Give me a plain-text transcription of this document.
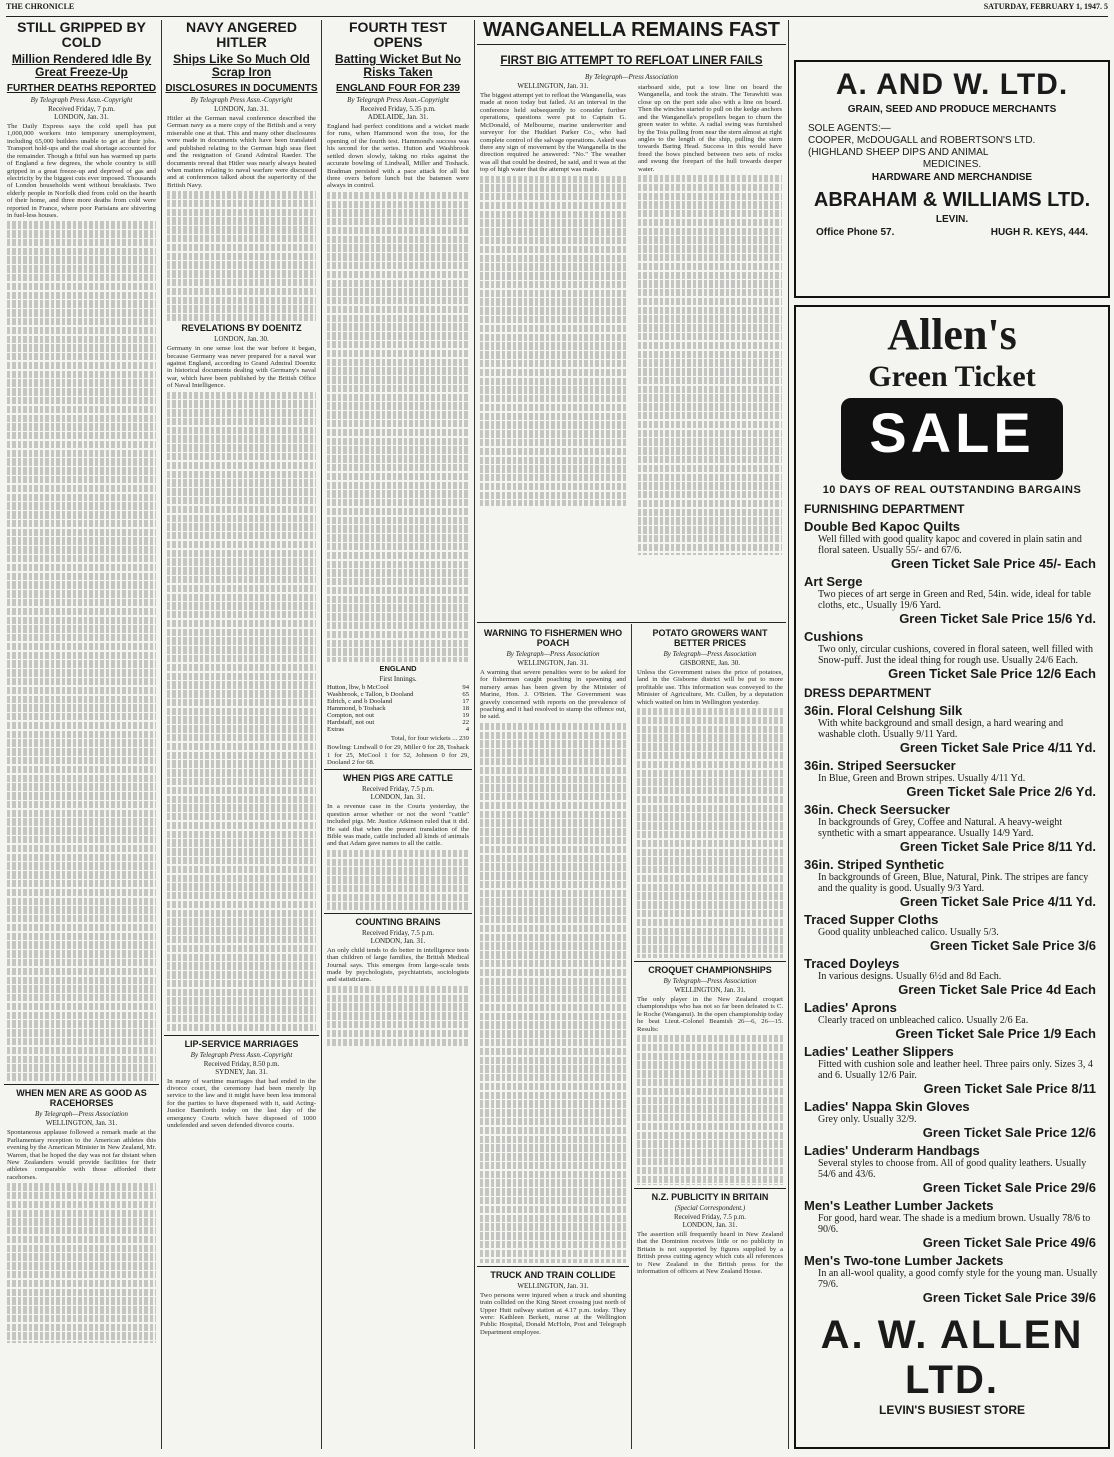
THE CHRONICLE	SATURDAY, FEBRUARY 1, 1947. 5

STILL GRIPPED BY COLD

Million Rendered Idle By Great Freeze-Up

FURTHER DEATHS REPORTED

By Telegraph Press Assn.-Copyright

Received Friday, 7 p.m.

LONDON, Jan. 31.

The Daily Express says the cold spell has put 1,000,000 workers into temporary unemployment, including 65,000 builders unable to get at their jobs. Transport hold-ups and the coal shortage accounted for the remainder. Though a fitful sun has warmed up parts of England a few degrees, the whole country is still gripped in a great freeze-up and deprived of gas and electricity by the biggest cuts ever imposed. Thousands of London households went without breakfasts. Two elderly people in Norfolk died from cold on the hearth of their home, and three more deaths from cold were reported in France, where poor Parisians are shivering in fuel-less houses.

WHEN MEN ARE AS GOOD AS RACEHORSES

By Telegraph—Press Association

WELLINGTON, Jan. 31.

Spontaneous applause followed a remark made at the Parliamentary reception to the American athletes this evening by the American Minister in New Zealand, Mr. Warren, that he hoped the day was not far distant when New Zealanders would provide facilities for their athletes comparable with those afforded their racehorses.

NAVY ANGERED HITLER

Ships Like So Much Old Scrap Iron

DISCLOSURES IN DOCUMENTS

By Telegraph Press Assn.-Copyright

LONDON, Jan. 31.

Hitler at the German naval conference described the German navy as a mere copy of the British and a very miserable one at that. This and many other disclosures were made in documents which have been translated and published relating to the German high seas fleet and the resignation of Grand Admiral Raeder. The documents reveal that Hitler was nearly always heated when matters relating to naval warfare were discussed and at conferences talked about the superiority of the British Navy.

REVELATIONS BY DOENITZ

LONDON, Jan. 30.

Germany in one sense lost the war before it began, because Germany was never prepared for a naval war against England, according to Grand Admiral Doenitz in historical documents dealing with Germany's naval war, which have been published by the British Office of Naval Intelligence.

LIP-SERVICE MARRIAGES

By Telegraph Press Assn.-Copyright

Received Friday, 8.50 p.m.

SYDNEY, Jan. 31.

In many of wartime marriages that had ended in the divorce court, the ceremony had been merely lip service to the law and it might have been less immoral for the parties to have dispensed with it, said Acting-Justice Bamforth today on the last day of the emergency Courts which have disposed of 1000 undefended and seven defended divorce courts.

FOURTH TEST OPENS

Batting Wicket But No Risks Taken

ENGLAND FOUR FOR 239

By Telegraph Press Assn.-Copyright

Received Friday, 5.35 p.m.

ADELAIDE, Jan. 31.

England had perfect conditions and a wicket made for runs, when Hammond won the toss, for the opening of the fourth test. Hammond's success was his second for the series. Hutton and Washbrook settled down slowly, taking no risks against the accurate bowling of Lindwall, Miller and Toshack. Bradman persisted with a pace attack for all but three overs before lunch but the batsmen were always in control.

ENGLAND

First Innings.

Hutton, lbw, b McCool	94
Washbrook, c Tallon, b Dooland	65
Edrich, c and b Dooland	17
Hammond, b Toshack	18
Compton, not out	19
Hardstaff, not out	22
Extras	4

Total, for four wickets ... 239

Bowling: Lindwall 0 for 29, Miller 0 for 28, Toshack 1 for 25, McCool 1 for 52, Johnson 0 for 29, Dooland 2 for 68.

WHEN PIGS ARE CATTLE

Received Friday, 7.5 p.m.

LONDON, Jan. 31.

In a revenue case in the Courts yesterday, the question arose whether or not the word "cattle" included pigs. Mr. Justice Atkinson ruled that it did. He said that when the present translation of the Bible was made, cattle included all kinds of animals and that Adam gave names to all the cattle.

COUNTING BRAINS

Received Friday, 7.5 p.m.

LONDON, Jan. 31.

An only child tends to do better in intelligence tests than children of large families, the British Medical Journal says. This emerges from large-scale tests made by psychologists, psychiatrists, sociologists and statisticians.

WANGANELLA REMAINS FAST

FIRST BIG ATTEMPT TO REFLOAT LINER FAILS

By Telegraph—Press Association

WELLINGTON, Jan. 31.

The biggest attempt yet to refloat the Wanganella, was made at noon today but failed. At an interval in the conference held subsequently to consider further operations, questions were put to Captain G. McDonald, of Melbourne, marine underwriter and surveyor for the Huddart Parker Co., who had complete control of the salvage operations. Asked was there any sign of movement by the Wanganella in the direction required he answered: "No." The weather was all that could be desired, he said, and it was at the top of high water that the attempt was made.

starboard side, put a tow line on board the Wanganella, and took the strain. The Terawhiti was close up on the port side also with a line on board. Then the winches started to pull on the kedge anchors and the Wanganella's propellers began to churn the green water to white. A radial swing was furnished by the Toia pulling from near the stern almost at right angles to the length of the ship, pulling the stern towards Baring Head. Success in this would have freed the bows pinched between two sets of rocks and swung the forepart of the hull towards deeper water.

WARNING TO FISHERMEN WHO POACH

By Telegraph—Press Association

WELLINGTON, Jan. 31.

A warning that severe penalties were to be asked for for fishermen caught poaching in spawning and nursery areas has been given by the Minister of Marine, Hon. J. O'Brien. The Government was gravely concerned with reports on the prevalence of poaching and it had resolved to stamp the offence out, he said.

TRUCK AND TRAIN COLLIDE

WELLINGTON, Jan. 31.

Two persons were injured when a truck and shunting train collided on the King Street crossing just north of Upper Hutt railway station at 4.17 p.m. today. They were: Kathleen Berkett, nurse at the Wellington Public Hospital, Donald McHoln, Post and Telegraph Department employee.

POTATO GROWERS WANT BETTER PRICES

By Telegraph—Press Association

GISBORNE, Jan. 30.

Unless the Government raises the price of potatoes, land in the Gisborne district will be put to more profitable use. This information was conveyed to the Minister of Agriculture, Mr. Cullen, by a deputation which waited on him in Wellington yesterday.

CROQUET CHAMPIONSHIPS

By Telegraph—Press Association

WELLINGTON, Jan. 31.

The only player in the New Zealand croquet championships who has not so far been defeated is C. le Roche (Wanganui). In the open championship today he beat Lieut.-Colonel Beamish 26—6, 26—15. Results:

N.Z. PUBLICITY IN BRITAIN

(Special Correspondent.)

Received Friday, 7.5 p.m.

LONDON, Jan. 31.

The assertion still frequently heard in New Zealand that the Dominion receives little or no publicity in Britain is not supported by figures supplied by a British press cutting agency which cuts all references to New Zealand in the British press for the information of officers at New Zealand House.

A. AND W. LTD.

GRAIN, SEED AND PRODUCE MERCHANTS

SOLE AGENTS:—

COOPER, McDOUGALL and ROBERTSON'S LTD.

(HIGHLAND SHEEP DIPS AND ANIMAL

MEDICINES.

HARDWARE AND MERCHANDISE

ABRAHAM & WILLIAMS LTD.

LEVIN.

Office Phone 57.	HUGH R. KEYS, 444.

Allen's

Green Ticket

SALE

10 DAYS OF REAL OUTSTANDING BARGAINS

FURNISHING DEPARTMENT

Double Bed Kapoc Quilts

Well filled with good quality kapoc and covered in plain satin and floral sateen. Usually 55/- and 67/6.

Green Ticket Sale Price 45/- Each

Art Serge

Two pieces of art serge in Green and Red, 54in. wide, ideal for table cloths, etc., Usually 19/6 Yard.

Green Ticket Sale Price 15/6 Yd.

Cushions

Two only, circular cushions, covered in floral sateen, well filled with Snow-puff. Just the ideal thing for rough use. Usually 24/6 Each.

Green Ticket Sale Price 12/6 Each

DRESS DEPARTMENT

36in. Floral Celshung Silk

With white background and small design, a hard wearing and washable cloth. Usually 9/11 Yard.

Green Ticket Sale Price 4/11 Yd.

36in. Striped Seersucker

In Blue, Green and Brown stripes. Usually 4/11 Yd.

Green Ticket Sale Price 2/6 Yd.

36in. Check Seersucker

In backgrounds of Grey, Coffee and Natural. A heavy-weight synthetic with a smart appearance. Usually 14/9 Yard.

Green Ticket Sale Price 8/11 Yd.

36in. Striped Synthetic

In backgrounds of Green, Blue, Natural, Pink. The stripes are fancy and the quality is good. Usually 9/3 Yard.

Green Ticket Sale Price 4/11 Yd.

Traced Supper Cloths

Good quality unbleached calico. Usually 5/3.

Green Ticket Sale Price 3/6

Traced Doyleys

In various designs. Usually 6½d and 8d Each.

Green Ticket Sale Price 4d Each

Ladies' Aprons

Clearly traced on unbleached calico. Usually 2/6 Ea.

Green Ticket Sale Price 1/9 Each

Ladies' Leather Slippers

Fitted with cushion sole and leather heel. Three pairs only. Sizes 3, 4 and 6. Usually 12/6 Pair.

Green Ticket Sale Price 8/11

Ladies' Nappa Skin Gloves

Grey only. Usually 32/9.

Green Ticket Sale Price 12/6

Ladies' Underarm Handbags

Several styles to choose from. All of good quality leathers. Usually 54/6 and 43/6.

Green Ticket Sale Price 29/6

Men's Leather Lumber Jackets

For good, hard wear. The shade is a medium brown. Usually 78/6 to 90/6.

Green Ticket Sale Price 49/6

Men's Two-tone Lumber Jackets

In an all-wool quality, a good comfy style for the young man. Usually 79/6.

Green Ticket Sale Price 39/6

A. W. ALLEN LTD.

LEVIN'S BUSIEST STORE
